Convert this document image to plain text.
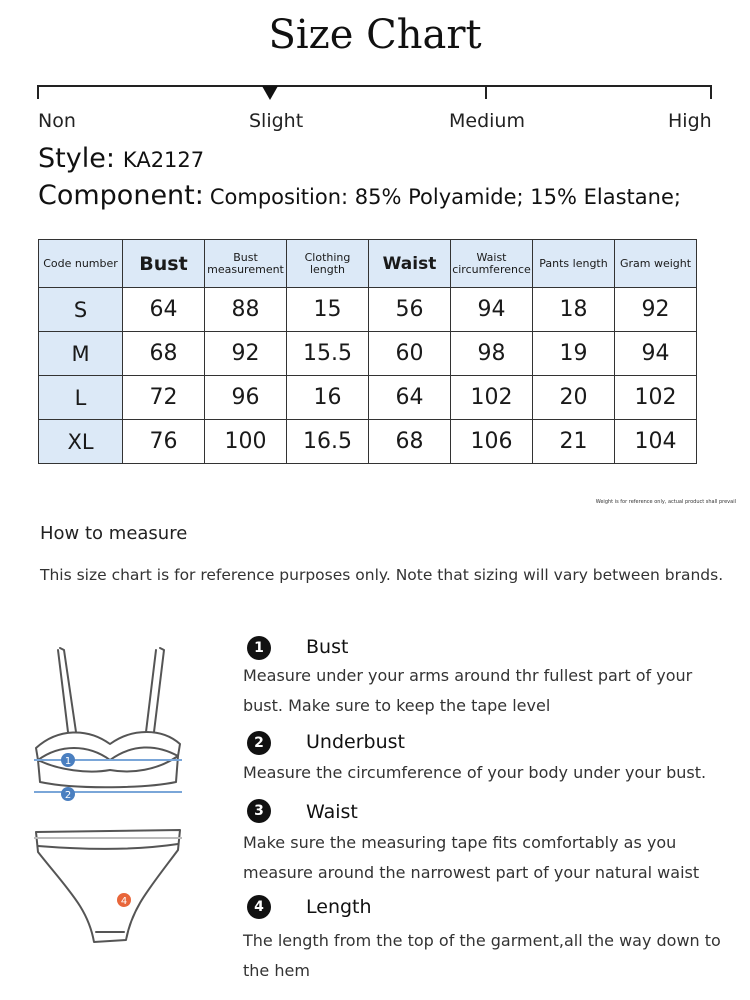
Size Chart
Non	Slight	Medium	High
Style: KA2127
Component: Composition: 85% Polyamide; 15% Elastane;
Code number	Bust	Bust measurement	Clothing length	Waist	Waist circumference	Pants length	Gram weight
S	64	88	15	56	94	18	92
M	68	92	15.5	60	98	19	94
L	72	96	16	64	102	20	102
XL	76	100	16.5	68	106	21	104
Weight is for reference only, actual product shall prevail
How to measure
This size chart is for reference purposes only. Note that sizing will vary between brands.
1
2
4
1	Bust
Measure under your arms around thr fullest part of your bust. Make sure to keep the tape level
2	Underbust
Measure the circumference of your body under your bust.
3	Waist
Make sure the measuring tape fits comfortably as you measure around the narrowest part of your natural waist
4	Length
The length from the top of the garment,all the way down to the hem
